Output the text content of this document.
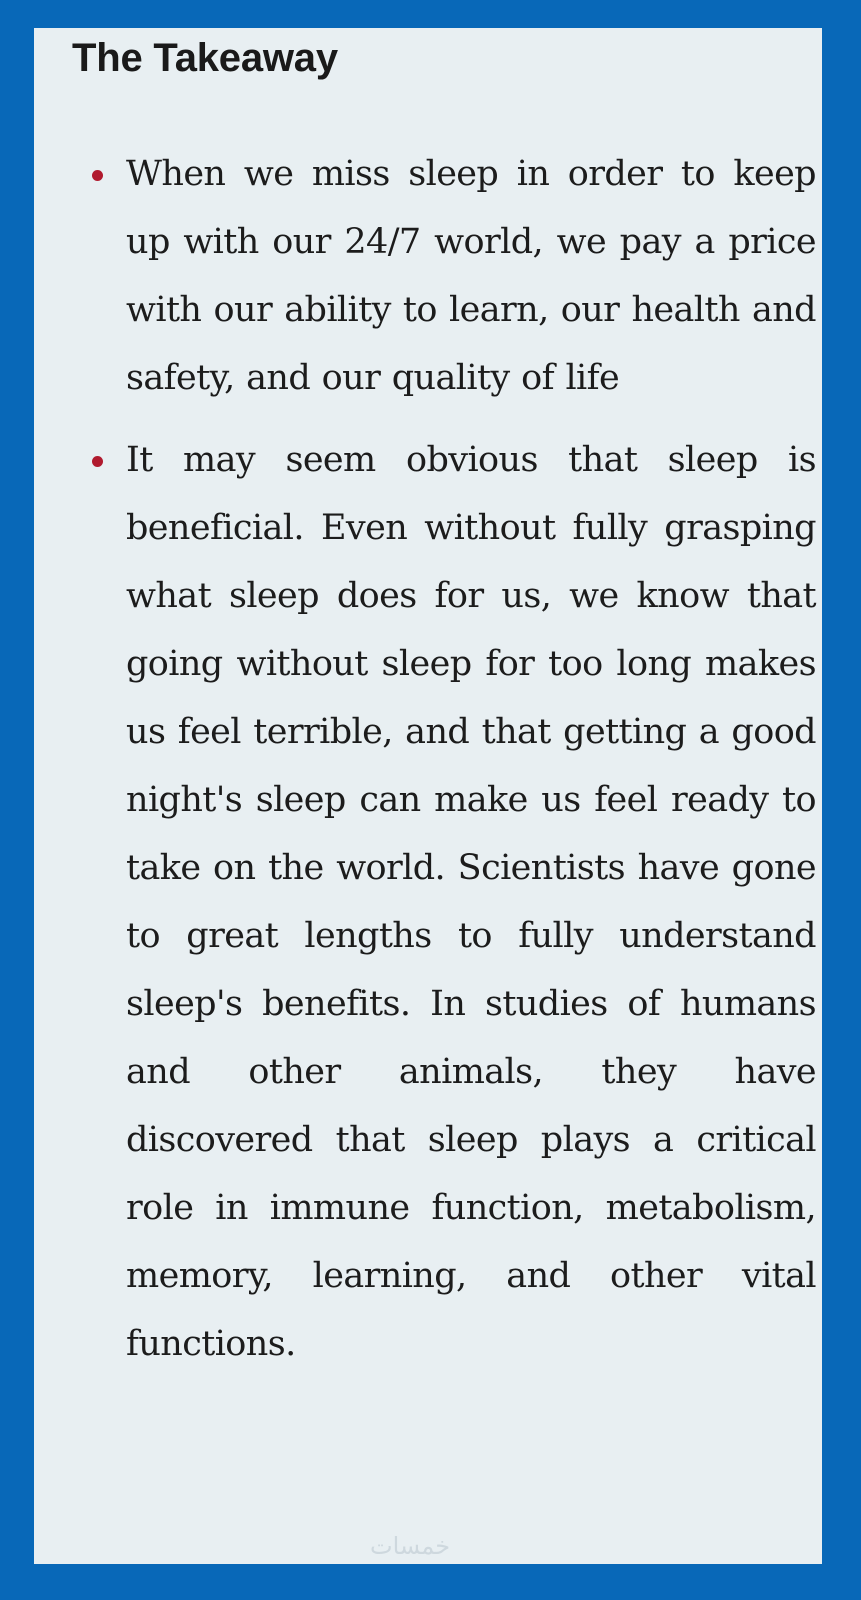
The Takeaway
When we miss sleep in order to keep up with our 24/7 world, we pay a price with our ability to learn, our health and safety, and our quality of life
It may seem obvious that sleep is beneficial. Even without fully grasping what sleep does for us, we know that going without sleep for too long makes us feel terrible, and that getting a good night's sleep can make us feel ready to take on the world. Scientists have gone to great lengths to fully understand sleep's benefits. In studies of humans and other animals, they have discovered that sleep plays a critical role in immune function, metabolism, memory, learning, and other vital functions.
خمسات
